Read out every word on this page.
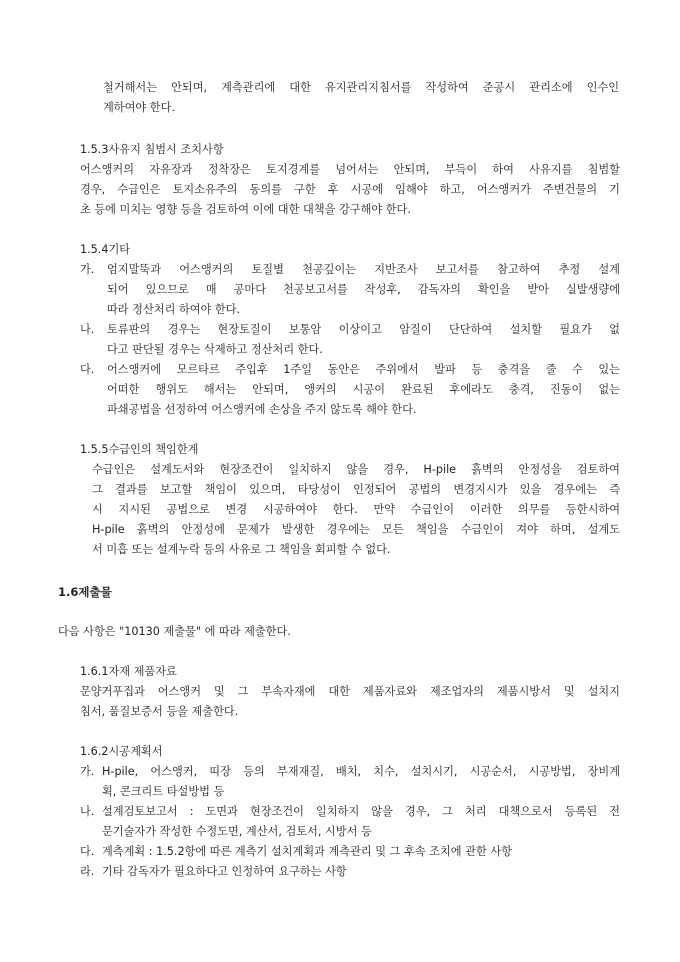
철거해서는 안되며, 계측관리에 대한 유지관리지침서를 작성하여 준공시 관리소에 인수인
계하여야 한다.
1.5.3사유지 침범시 조치사항
어스앵커의 자유장과 정착장은 토지경계를 넘어서는 안되며, 부득이 하여 사유지를 침범할
경우, 수급인은 토지소유주의 동의를 구한 후 시공에 임해야 하고, 어스앵커가 주변건물의 기
초 등에 미치는 영향 등을 검토하여 이에 대한 대책을 강구해야 한다.
1.5.4기타
가. 엄지말뚝과 어스앵커의 토질별 천공깊이는 지반조사 보고서를 참고하여 추정 설계
되어 있으므로 매 공마다 천공보고서를 작성후, 감독자의 확인을 받아 실발생량에
따라 정산처리 하여야 한다.
나. 토류판의 경우는 현장토질이 보통암 이상이고 암질이 단단하여 설치할 필요가 없
다고 판단될 경우는 삭제하고 정산처리 한다.
다. 어스앵커에 모르타르 주입후 1주일 동안은 주위에서 발파 등 충격을 줄 수 있는
어떠한 행위도 해서는 안되며, 앵커의 시공이 완료된 후에라도 충격, 진동이 없는
파쇄공법을 선정하여 어스앵커에 손상을 주지 않도록 해야 한다.
1.5.5수급인의 책임한계
수급인은 설계도서와 현장조건이 일치하지 않을 경우, H-pile 흙벽의 안정성을 검토하여
그 결과를 보고할 책임이 있으며, 타당성이 인정되어 공법의 변경지시가 있을 경우에는 즉
시 지시된 공법으로 변경 시공하여야 한다. 만약 수급인이 이러한 의무를 등한시하여
H-pile 흙벽의 안정성에 문제가 발생한 경우에는 모든 책임을 수급인이 져야 하며, 설계도
서 미흡 또는 설계누락 등의 사유로 그 책임을 회피할 수 없다.
1.6제출물
다음 사항은 "10130 제출물" 에 따라 제출한다.
1.6.1자재 제품자료
문양거푸집과 어스앵커 및 그 부속자재에 대한 제품자료와 제조업자의 제품시방서 및 설치지
침서, 품질보증서 등을 제출한다.
1.6.2시공계획서
가. H-pile, 어스앵커, 띠장 등의 부재재질, 배치, 치수, 설치시기, 시공순서, 시공방법, 장비계
획, 콘크리트 타설방법 등
나. 설계검토보고서 : 도면과 현장조건이 일치하지 않을 경우, 그 처리 대책으로서 등록된 전
문기술자가 작성한 수정도면, 계산서, 검토서, 시방서 등
다. 계측계획 : 1.5.2항에 따른 계측기 설치계획과 계측관리 및 그 후속 조치에 관한 사항
라. 기타 감독자가 필요하다고 인정하여 요구하는 사항
